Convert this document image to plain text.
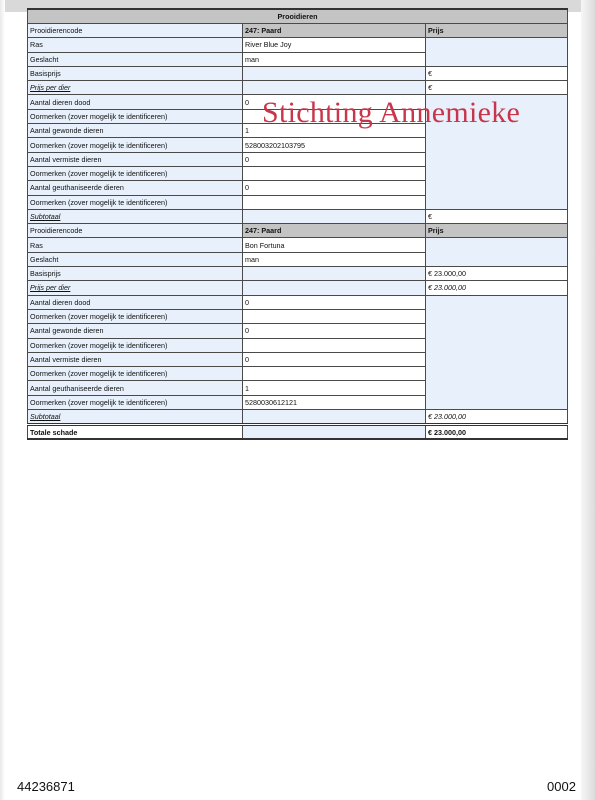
Prooidieren		
Prooidierencode	247: Paard	Prijs
Ras	River Blue Joy	
Geslacht	man	
Basisprijs		€
Prijs per dier		€
Aantal dieren dood	0	
Oormerken (zover mogelijk te identificeren)		
Aantal gewonde dieren	1	
Oormerken (zover mogelijk te identificeren)	528003202103795	
Aantal vermiste dieren	0	
Oormerken (zover mogelijk te identificeren)		
Aantal geuthaniseerde dieren	0	
Oormerken (zover mogelijk te identificeren)		
Subtotaal		€
Prooidierencode	247: Paard	Prijs
Ras	Bon Fortuna	
Geslacht	man	
Basisprijs		€ 23.000,00
Prijs per dier		€ 23.000,00
Aantal dieren dood	0	
Oormerken (zover mogelijk te identificeren)		
Aantal gewonde dieren	0	
Oormerken (zover mogelijk te identificeren)		
Aantal vermiste dieren	0	
Oormerken (zover mogelijk te identificeren)		
Aantal geuthaniseerde dieren	1	
Oormerken (zover mogelijk te identificeren)	5280030612121	
Subtotaal		€ 23.000,00
Totale schade		€ 23.000,00
Stichting Annemieke
44236871	0002
